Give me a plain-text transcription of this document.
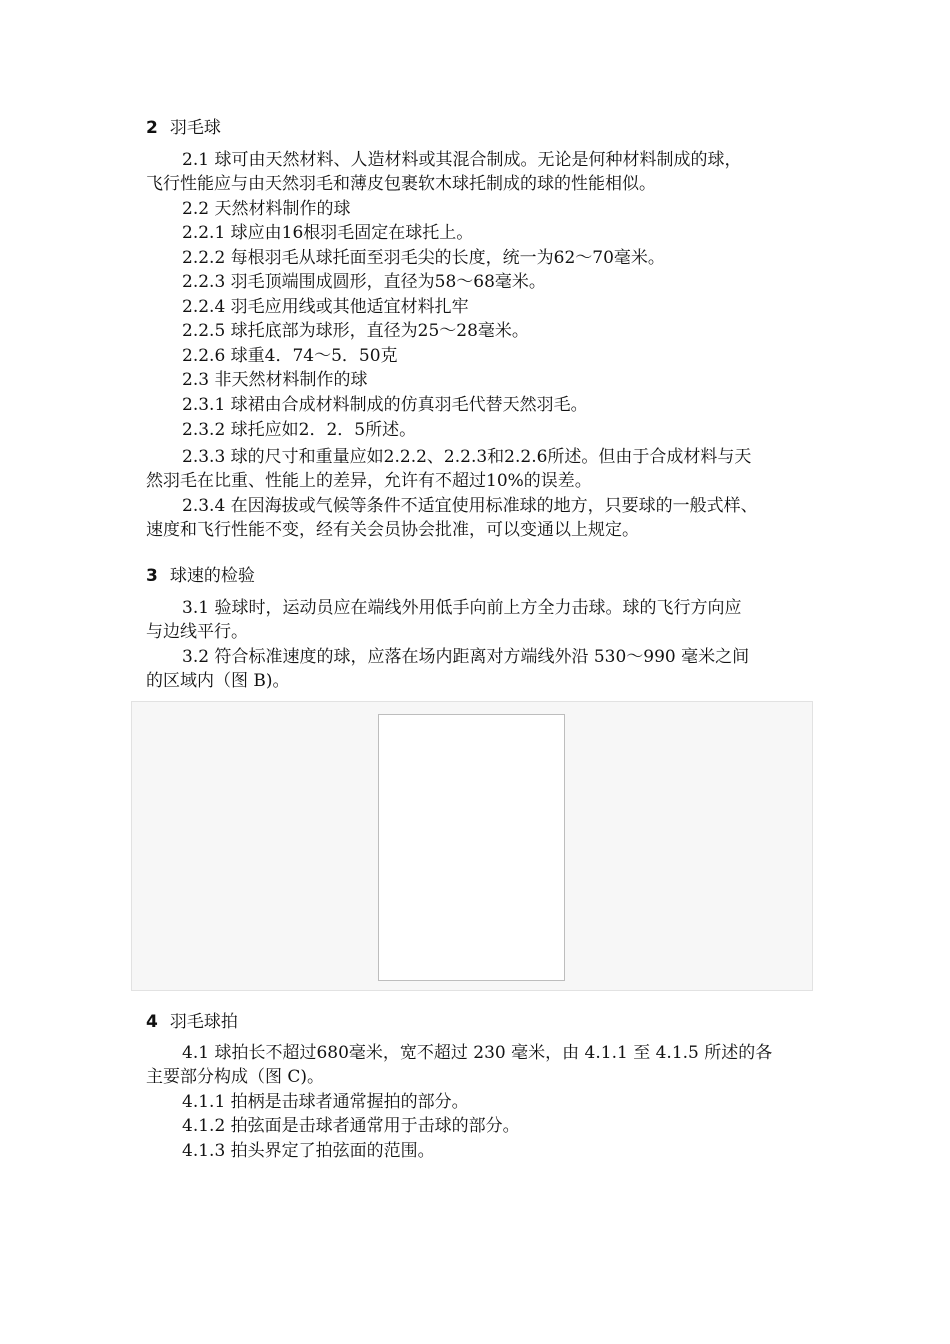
2 羽毛球
2.1 球可由天然材料、人造材料或其混合制成。无论是何种材料制成的球，
飞行性能应与由天然羽毛和薄皮包裹软木球托制成的球的性能相似。
2.2 天然材料制作的球
2.2.1 球应由16根羽毛固定在球托上。
2.2.2 每根羽毛从球托面至羽毛尖的长度，统一为62～70毫米。
2.2.3 羽毛顶端围成圆形，直径为58～68毫米。
2.2.4 羽毛应用线或其他适宜材料扎牢
2.2.5 球托底部为球形，直径为25～28毫米。
2.2.6 球重4．74～5．50克
2.3 非天然材料制作的球
2.3.1 球裙由合成材料制成的仿真羽毛代替天然羽毛。
2.3.2 球托应如2．2．5所述。
2.3.3 球的尺寸和重量应如2.2.2、2.2.3和2.2.6所述。但由于合成材料与天
然羽毛在比重、性能上的差异，允许有不超过10%的误差。
2.3.4 在因海拔或气候等条件不适宜使用标准球的地方，只要球的一般式样、
速度和飞行性能不变，经有关会员协会批准，可以变通以上规定。
3 球速的检验
3.1 验球时，运动员应在端线外用低手向前上方全力击球。球的飞行方向应
与边线平行。
3.2 符合标准速度的球，应落在场内距离对方端线外沿 530～990 毫米之间
的区域内（图 B)。
4 羽毛球拍
4.1 球拍长不超过680毫米，宽不超过 230 毫米，由 4.1.1 至 4.1.5 所述的各
主要部分构成（图 C)。
4.1.1 拍柄是击球者通常握拍的部分。
4.1.2 拍弦面是击球者通常用于击球的部分。
4.1.3 拍头界定了拍弦面的范围。
